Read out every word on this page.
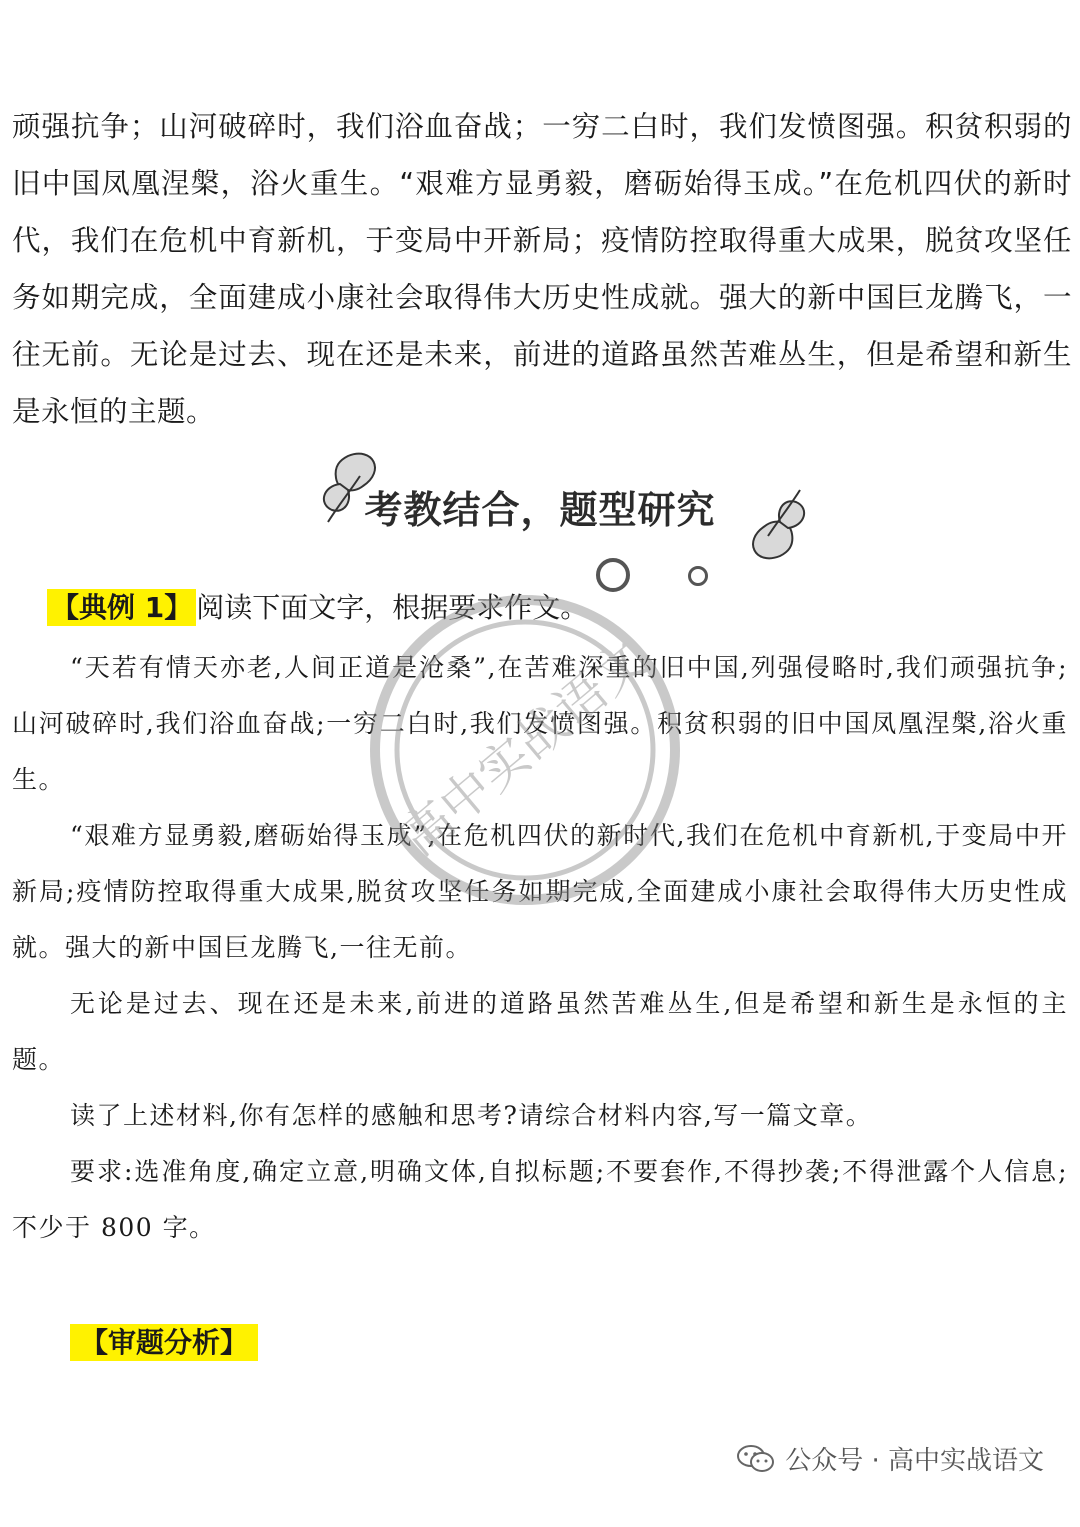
顽强抗争；山河破碎时，我们浴血奋战；一穷二白时，我们发愤图强。积贫积弱的旧中国凤凰涅槃，浴火重生。“艰难方显勇毅，磨砺始得玉成。”在危机四伏的新时代，我们在危机中育新机，于变局中开新局；疫情防控取得重大成果，脱贫攻坚任务如期完成，全面建成小康社会取得伟大历史性成就。强大的新中国巨龙腾飞，一往无前。无论是过去、现在还是未来，前进的道路虽然苦难丛生，但是希望和新生是永恒的主题。

考教结合，题型研究
【典例 1】 阅读下面文字，根据要求作文。

“天若有情天亦老,人间正道是沧桑”,在苦难深重的旧中国,列强侵略时,我们顽强抗争;山河破碎时,我们浴血奋战;一穷二白时,我们发愤图强。积贫积弱的旧中国凤凰涅槃,浴火重生。

“艰难方显勇毅,磨砺始得玉成”,在危机四伏的新时代,我们在危机中育新机,于变局中开新局;疫情防控取得重大成果,脱贫攻坚任务如期完成,全面建成小康社会取得伟大历史性成就。强大的新中国巨龙腾飞,一往无前。

无论是过去、现在还是未来,前进的道路虽然苦难丛生,但是希望和新生是永恒的主题。

读了上述材料,你有怎样的感触和思考?请综合材料内容,写一篇文章。

要求:选准角度,确定立意,明确文体,自拟标题;不要套作,不得抄袭;不得泄露个人信息;不少于 800 字。

【审题分析】
高中实战语文
公众号 · 高中实战语文
